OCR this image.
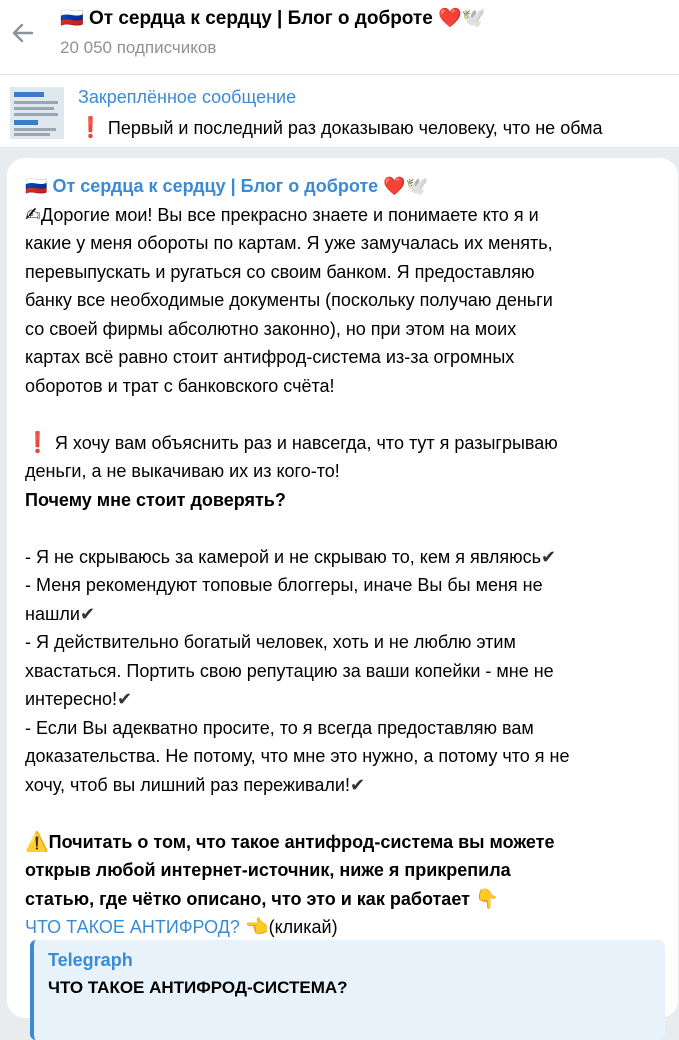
🇷🇺 От сердца к сердцу | Блог о доброте ❤️🕊️
20 050 подписчиков
Закреплённое сообщение
❗ Первый и последний раз доказываю человеку, что не обма
🇷🇺 От сердца к сердцу | Блог о доброте ❤️🕊️
✍Дорогие мои! Вы все прекрасно знаете и понимаете кто я и
какие у меня обороты по картам. Я уже замучалась их менять,
перевыпускать и ругаться со своим банком. Я предоставляю
банку все необходимые документы (поскольку получаю деньги
со своей фирмы абсолютно законно), но при этом на моих
картах всё равно стоит антифрод-система из-за огромных
оборотов и трат с банковского счёта!
❗ Я хочу вам объяснить раз и навсегда, что тут я разыгрываю
деньги, а не выкачиваю их из кого-то!
Почему мне стоит доверять?
- Я не скрываюсь за камерой и не скрываю то, кем я являюсь✔
- Меня рекомендуют топовые блоггеры, иначе Вы бы меня не
нашли✔
- Я действительно богатый человек, хоть и не люблю этим
хвастаться. Портить свою репутацию за ваши копейки - мне не
интересно!✔
- Если Вы адекватно просите, то я всегда предоставляю вам
доказательства. Не потому, что мне это нужно, а потому что я не
хочу, чтоб вы лишний раз переживали!✔
⚠️Почитать о том, что такое антифрод-система вы можете
открыв любой интернет-источник, ниже я прикрепила
статью, где чётко описано, что это и как работает 👇
ЧТО ТАКОЕ АНТИФРОД? 👈(кликай)
Telegraph
ЧТО ТАКОЕ АНТИФРОД-СИСТЕМА?
